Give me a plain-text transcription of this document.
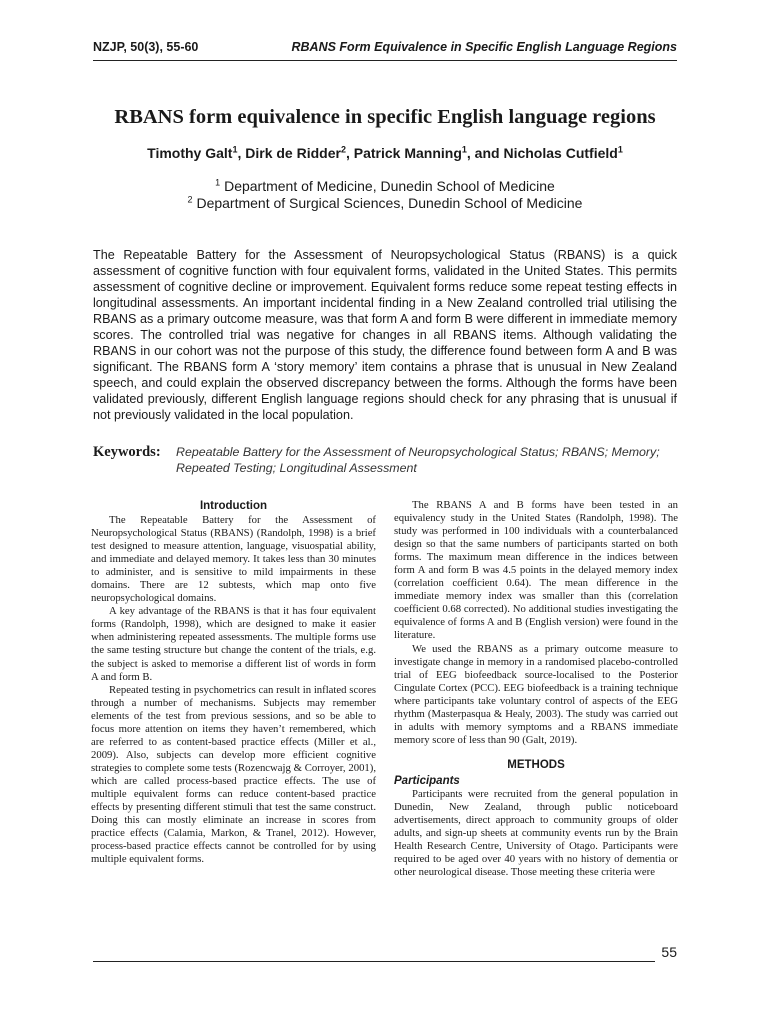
NZJP, 50(3), 55-60	RBANS Form Equivalence in Specific English Language Regions
RBANS form equivalence in specific English language regions
Timothy Galt$^1$, Dirk de Ridder$^2$, Patrick Manning$^1$, and Nicholas Cutfield$^1$
$^1$ Department of Medicine, Dunedin School of Medicine
$^2$ Department of Surgical Sciences, Dunedin School of Medicine
The Repeatable Battery for the Assessment of Neuropsychological Status (RBANS) is a quick assessment of cognitive function with four equivalent forms, validated in the United States. This permits assessment of cognitive decline or improvement. Equivalent forms reduce some repeat testing effects in longitudinal assessments. An important incidental finding in a New Zealand controlled trial utilising the RBANS as a primary outcome measure, was that form A and form B were different in immediate memory scores. The controlled trial was negative for changes in all RBANS items. Although validating the RBANS in our cohort was not the purpose of this study, the difference found between form A and B was significant. The RBANS form A ‘story memory’ item contains a phrase that is unusual in New Zealand speech, and could explain the observed discrepancy between the forms. Although the forms have been validated previously, different English language regions should check for any phrasing that is unusual if not previously validated in the local population.
Keywords: Repeatable Battery for the Assessment of Neuropsychological Status; RBANS; Memory; Repeated Testing; Longitudinal Assessment
Introduction

The Repeatable Battery for the Assessment of Neuropsychological Status (RBANS) (Randolph, 1998) is a brief test designed to measure attention, language, visuospatial ability, and immediate and delayed memory. It takes less than 30 minutes to administer, and is sensitive to mild impairments in these domains. There are 12 subtests, which map onto five neuropsychological domains.

A key advantage of the RBANS is that it has four equivalent forms (Randolph, 1998), which are designed to make it easier when administering repeated assessments. The multiple forms use the same testing structure but change the content of the trials, e.g. the subject is asked to memorise a different list of words in form A and form B.

Repeated testing in psychometrics can result in inflated scores through a number of mechanisms. Subjects may remember elements of the test from previous sessions, and so be able to focus more attention on items they haven’t remembered, which are referred to as content-based practice effects (Miller et al., 2009). Also, subjects can develop more efficient cognitive strategies to complete some tests (Rozencwajg & Corroyer, 2001), which are called process-based practice effects. The use of multiple equivalent forms can reduce content-based practice effects by presenting different stimuli that test the same construct. Doing this can mostly eliminate an increase in scores from practice effects (Calamia, Markon, & Tranel, 2012). However, process-based practice effects cannot be controlled for by using multiple equivalent forms.

The RBANS A and B forms have been tested in an equivalency study in the United States (Randolph, 1998). The study was performed in 100 individuals with a counterbalanced design so that the same numbers of participants started on both forms. The maximum mean difference in the indices between form A and form B was 4.5 points in the delayed memory index (correlation coefficient 0.64). The mean difference in the immediate memory index was smaller than this (correlation coefficient 0.68 corrected). No additional studies investigating the equivalence of forms A and B (English version) were found in the literature.

We used the RBANS as a primary outcome measure to investigate change in memory in a randomised placebo-controlled trial of EEG biofeedback source-localised to the Posterior Cingulate Cortex (PCC). EEG biofeedback is a training technique where participants take voluntary control of aspects of the EEG rhythm (Masterpasqua & Healy, 2003). The study was carried out in adults with memory symptoms and a RBANS immediate memory score of less than 90 (Galt, 2019).

METHODS
Participants

Participants were recruited from the general population in Dunedin, New Zealand, through public noticeboard advertisements, direct approach to community groups of older adults, and sign-up sheets at community events run by the Brain Health Research Centre, University of Otago. Participants were required to be aged over 40 years with no history of dementia or other neurological disease. Those meeting these criteria were

55
